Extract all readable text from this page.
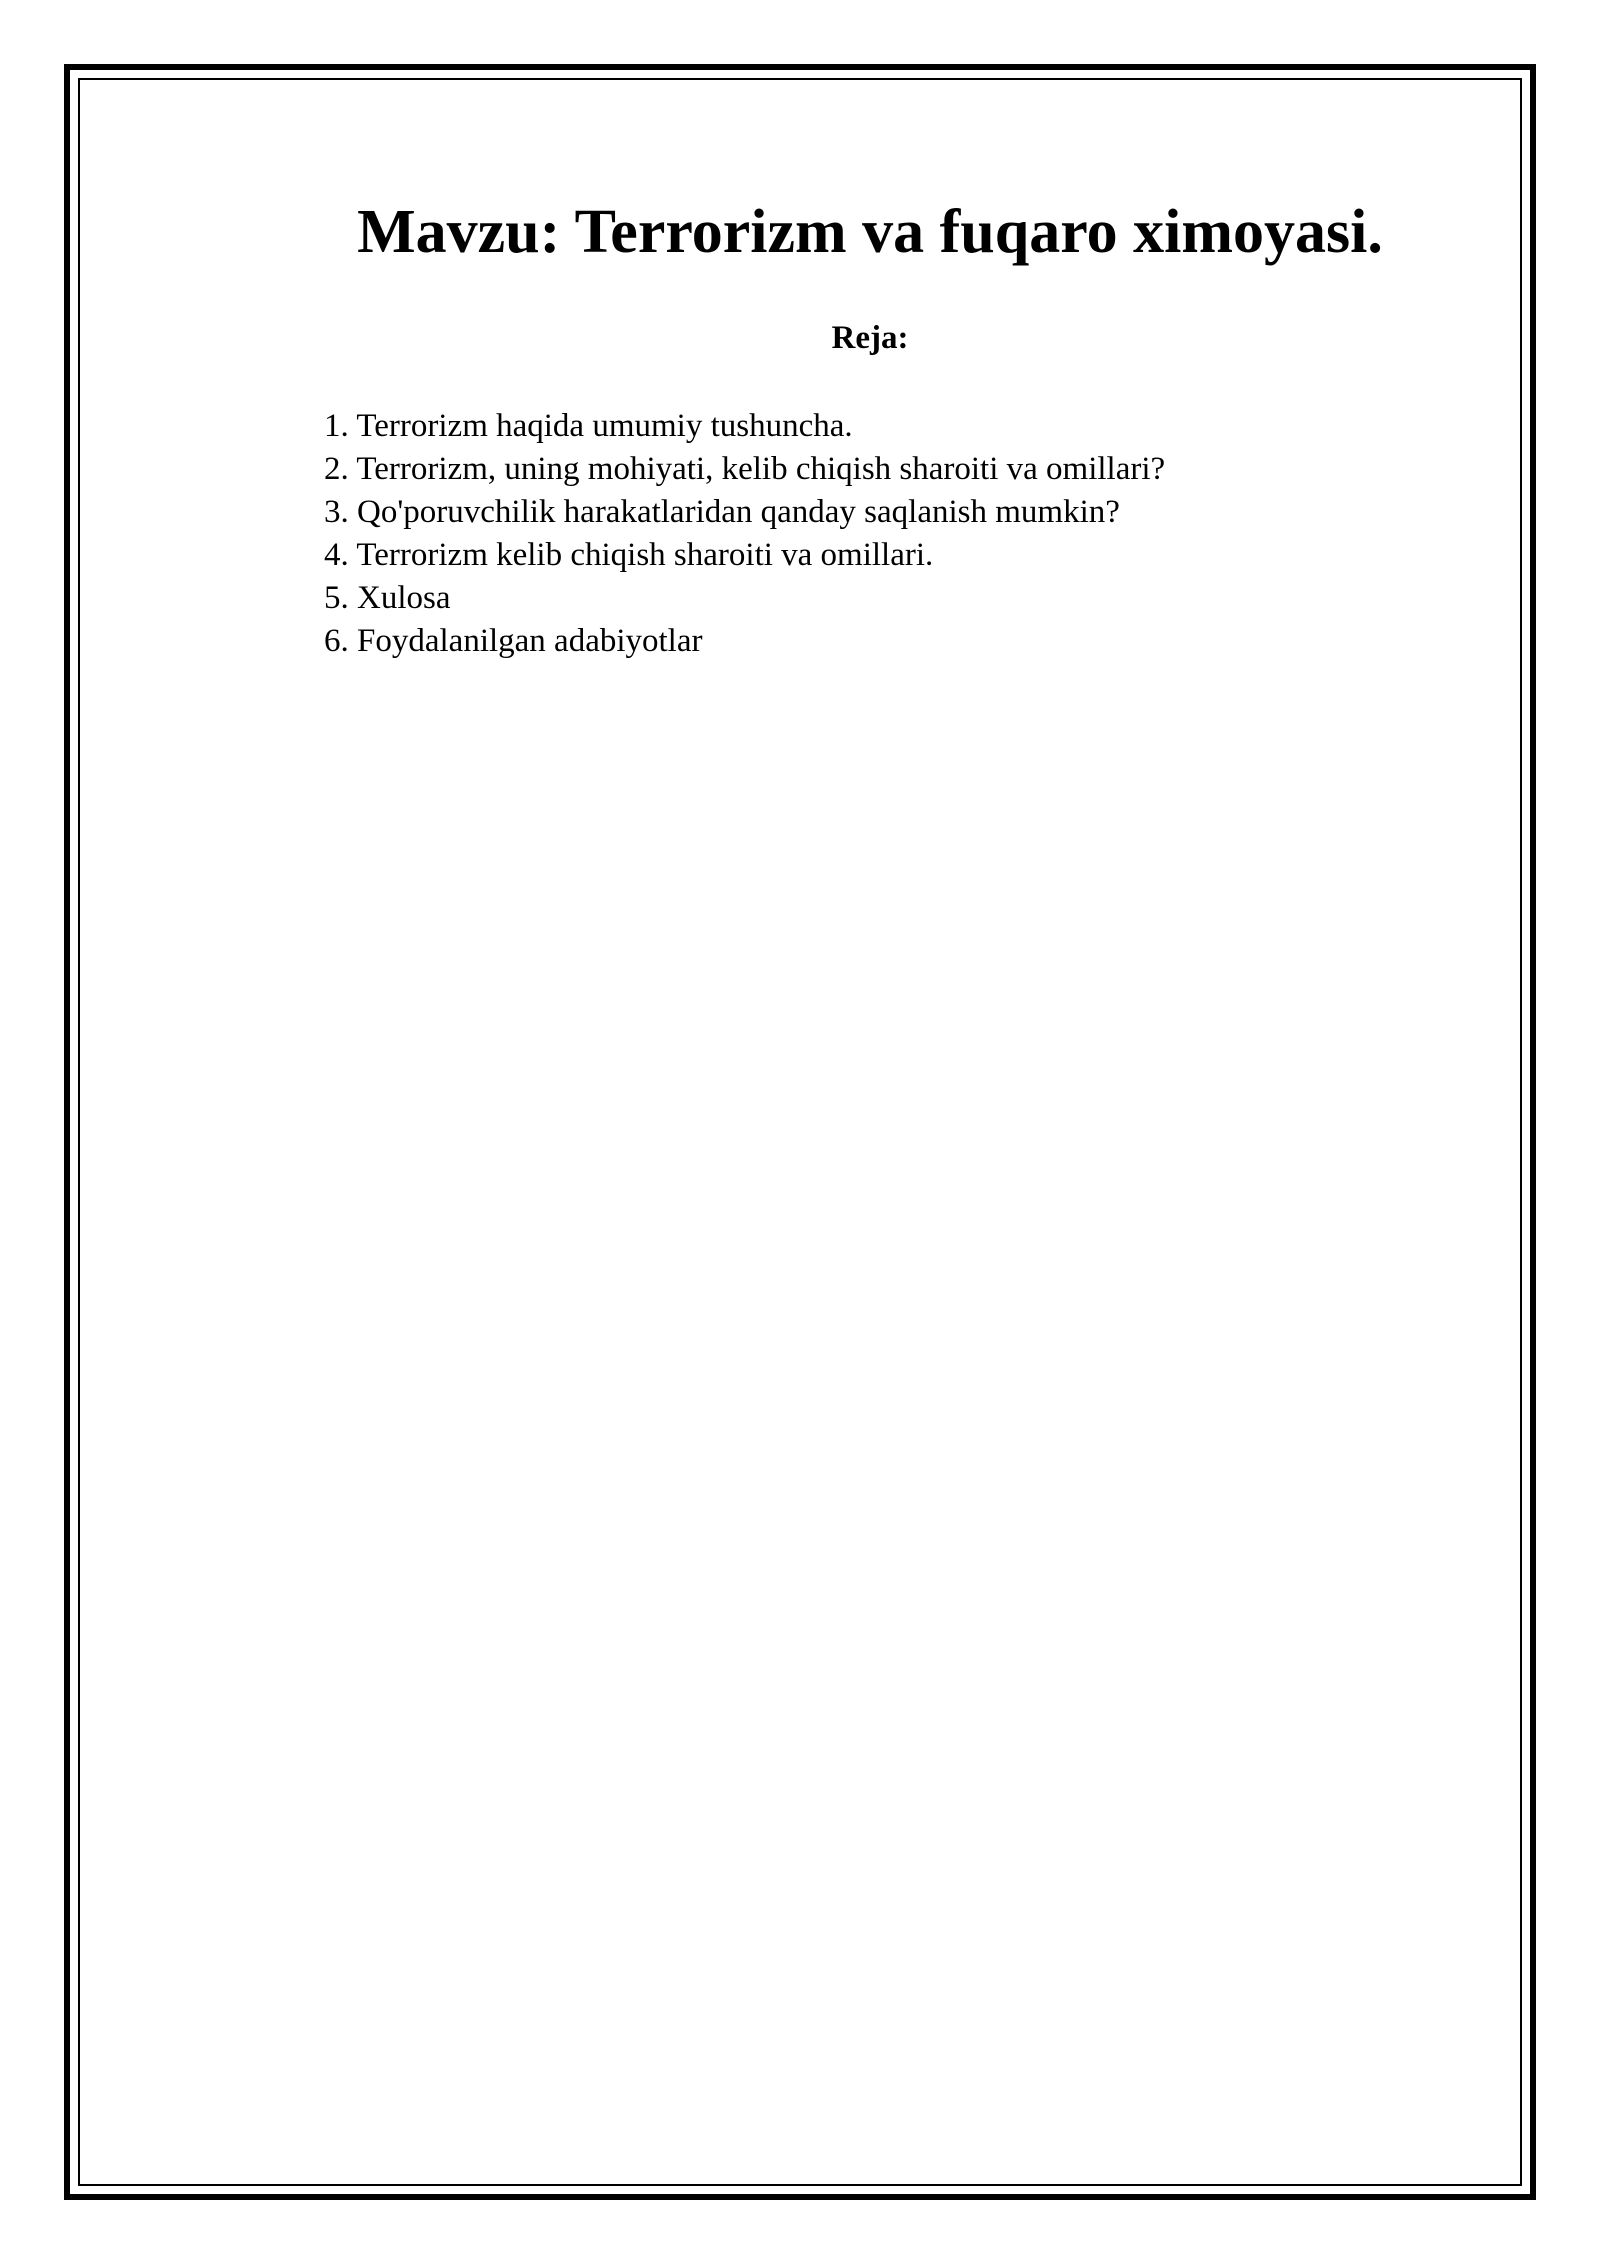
Mavzu: Terrorizm va fuqaro ximoyasi.
Reja:
1. Terrorizm haqida umumiy tushuncha.
2. Terrorizm, uning mohiyati, kelib chiqish sharoiti va omillari?
3. Qo'poruvchilik harakatlaridan qanday saqlanish mumkin?
4. Terrorizm kelib chiqish sharoiti va omillari.
5. Xulosa
6. Foydalanilgan adabiyotlar
